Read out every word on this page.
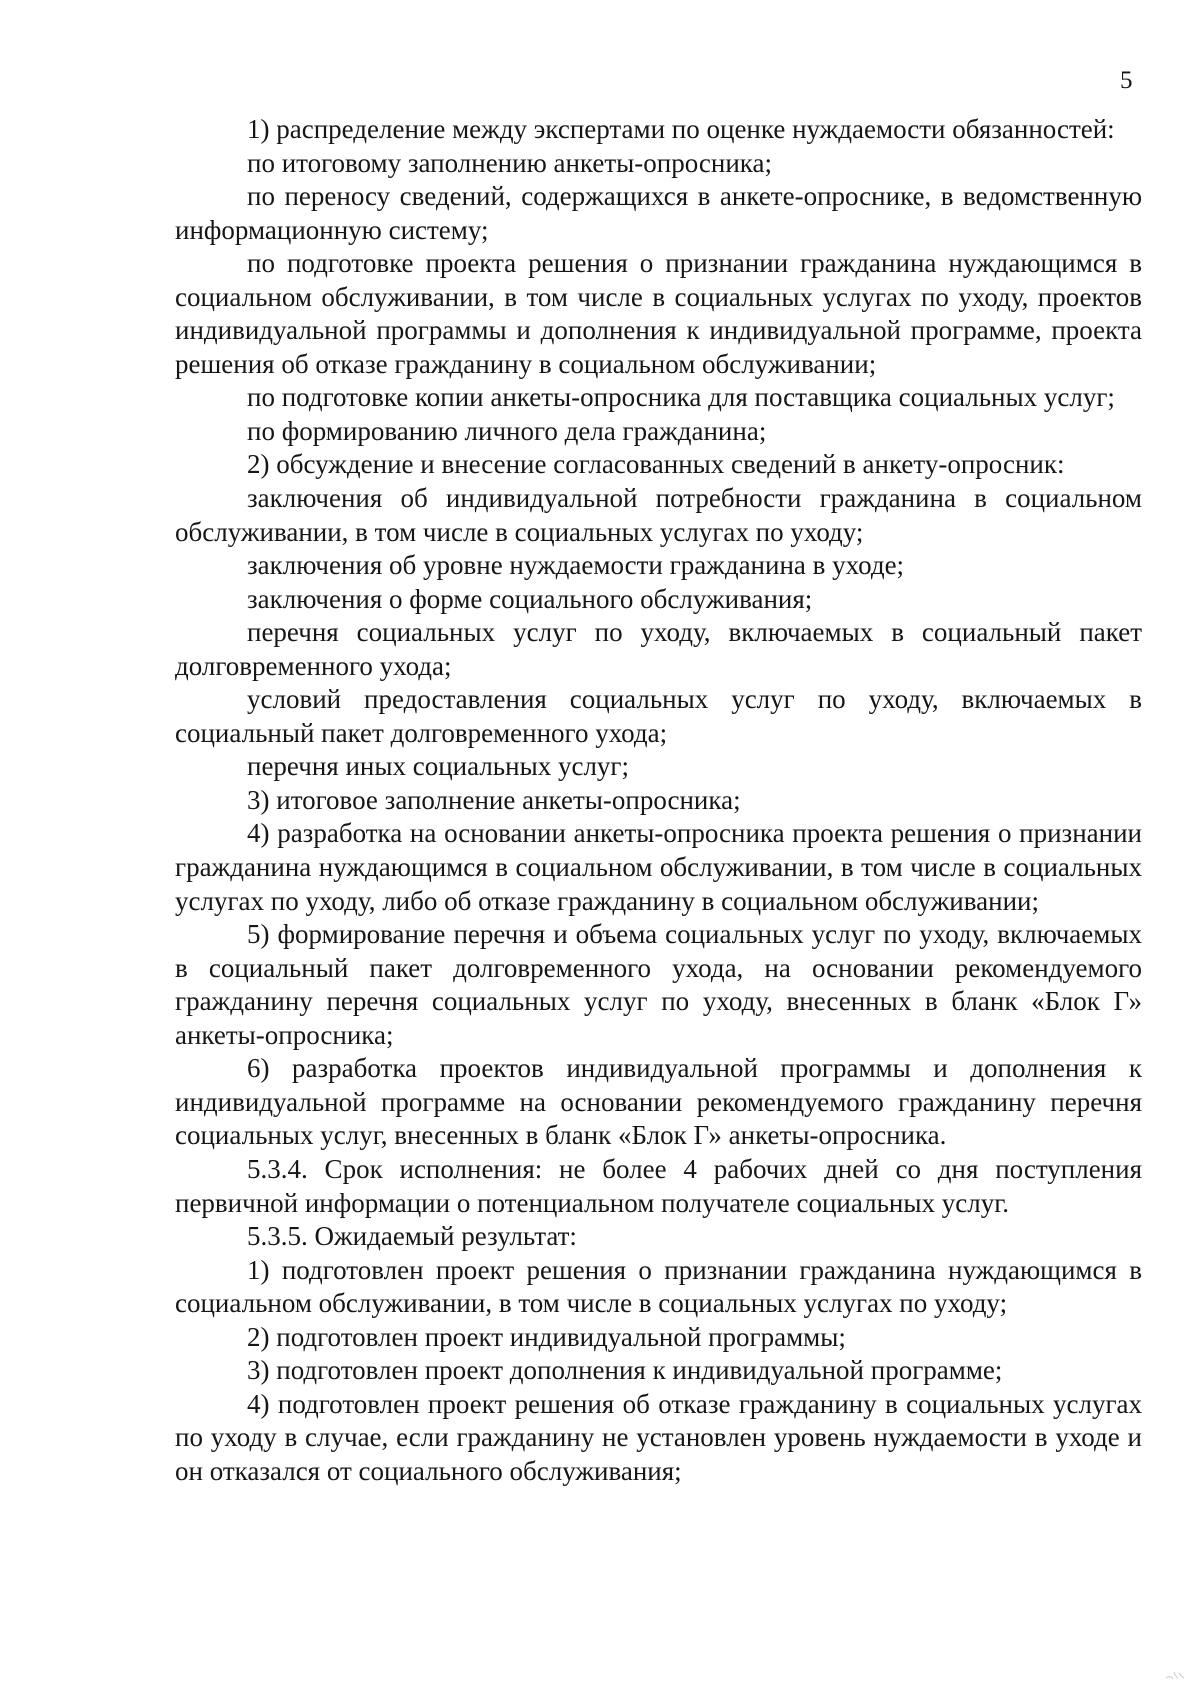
5

1) распределение между экспертами по оценке нуждаемости обязанностей:

по итоговому заполнению анкеты-опросника;

по переносу сведений, содержащихся в анкете-опроснике, в ведомственную информационную систему;

по подготовке проекта решения о признании гражданина нуждающимся в социальном обслуживании, в том числе в социальных услугах по уходу, проектов индивидуальной программы и дополнения к индивидуальной программе, проекта решения об отказе гражданину в социальном обслуживании;

по подготовке копии анкеты-опросника для поставщика социальных услуг;

по формированию личного дела гражданина;

2) обсуждение и внесение согласованных сведений в анкету-опросник:

заключения об индивидуальной потребности гражданина в социальном обслуживании, в том числе в социальных услугах по уходу;

заключения об уровне нуждаемости гражданина в уходе;

заключения о форме социального обслуживания;

перечня социальных услуг по уходу, включаемых в социальный пакет долговременного ухода;

условий предоставления социальных услуг по уходу, включаемых в социальный пакет долговременного ухода;

перечня иных социальных услуг;

3) итоговое заполнение анкеты-опросника;

4) разработка на основании анкеты-опросника проекта решения о признании гражданина нуждающимся в социальном обслуживании, в том числе в социальных услугах по уходу, либо об отказе гражданину в социальном обслуживании;

5) формирование перечня и объема социальных услуг по уходу, включаемых в социальный пакет долговременного ухода, на основании рекомендуемого гражданину перечня социальных услуг по уходу, внесенных в бланк «Блок Г» анкеты-опросника;

6) разработка проектов индивидуальной программы и дополнения к индивидуальной программе на основании рекомендуемого гражданину перечня социальных услуг, внесенных в бланк «Блок Г» анкеты-опросника.

5.3.4. Срок исполнения: не более 4 рабочих дней со дня поступления первичной информации о потенциальном получателе социальных услуг.

5.3.5. Ожидаемый результат:

1) подготовлен проект решения о признании гражданина нуждающимся в социальном обслуживании, в том числе в социальных услугах по уходу;

2) подготовлен проект индивидуальной программы;

3) подготовлен проект дополнения к индивидуальной программе;

4) подготовлен проект решения об отказе гражданину в социальных услугах по уходу в случае, если гражданину не установлен уровень нуждаемости в уходе и он отказался от социального обслуживания;
